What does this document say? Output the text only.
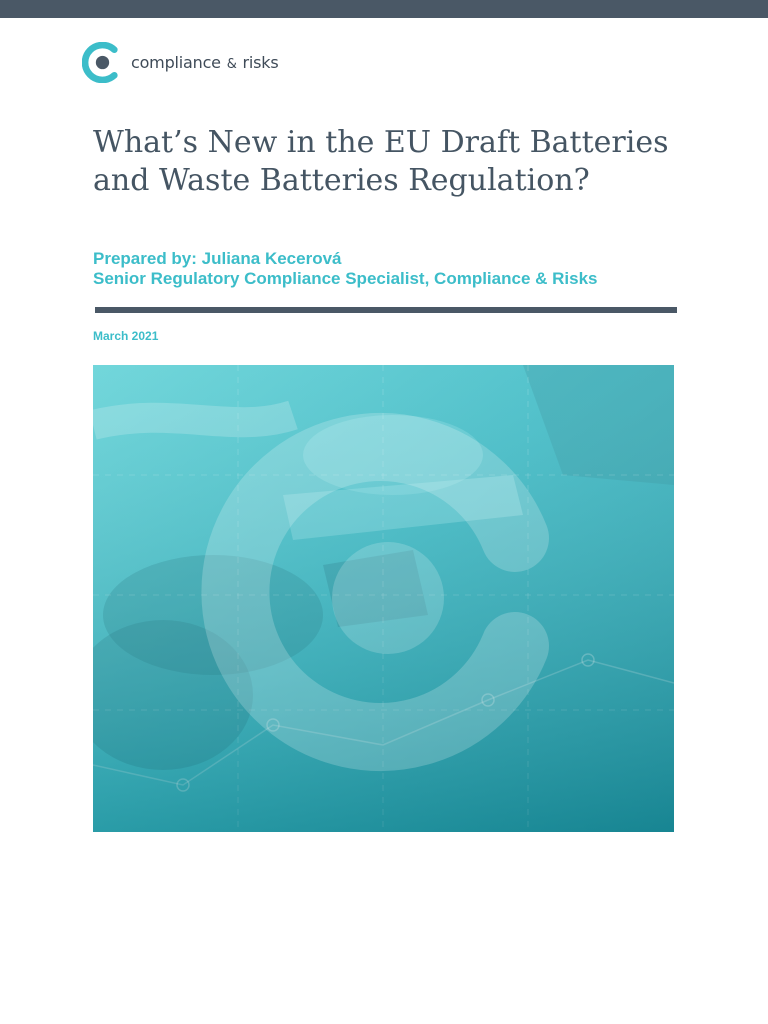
compliance & risks
What’s New in the EU Draft Batteries
and Waste Batteries Regulation?
Prepared by: Juliana Kecerová
Senior Regulatory Compliance Specialist, Compliance & Risks
March 2021
